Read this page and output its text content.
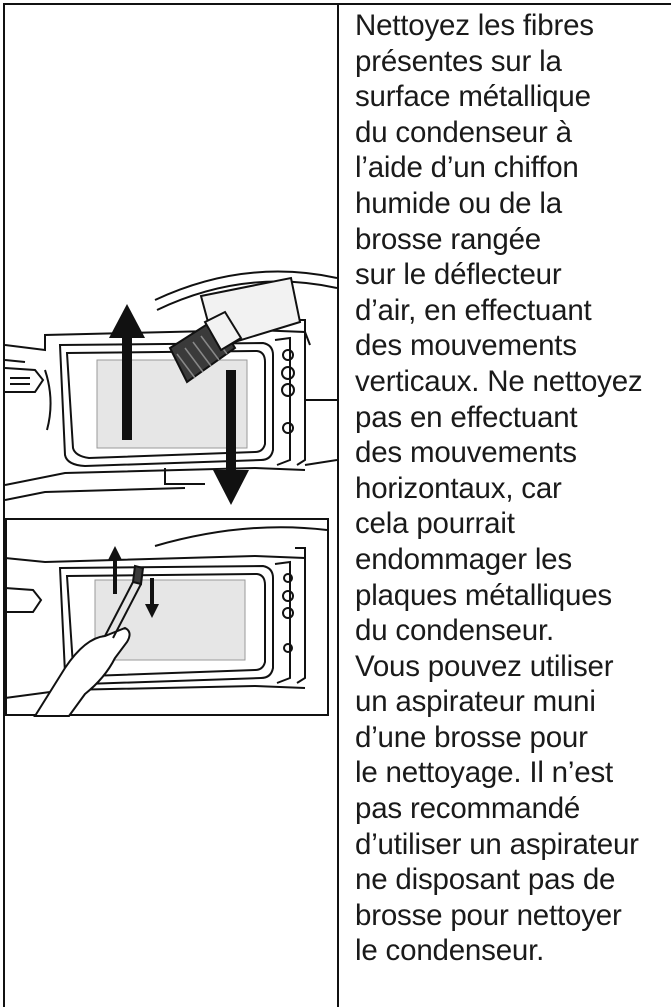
Nettoyez les fibres
présentes sur la
surface métallique
du condenseur à
l’aide d’un chiffon
humide ou de la
brosse rangée
sur le déflecteur
d’air, en effectuant
des mouvements
verticaux. Ne nettoyez
pas en effectuant
des mouvements
horizontaux, car
cela pourrait
endommager les
plaques métalliques
du condenseur.
Vous pouvez utiliser
un aspirateur muni
d’une brosse pour
le nettoyage. Il n’est
pas recommandé
d’utiliser un aspirateur
ne disposant pas de
brosse pour nettoyer
le condenseur.
